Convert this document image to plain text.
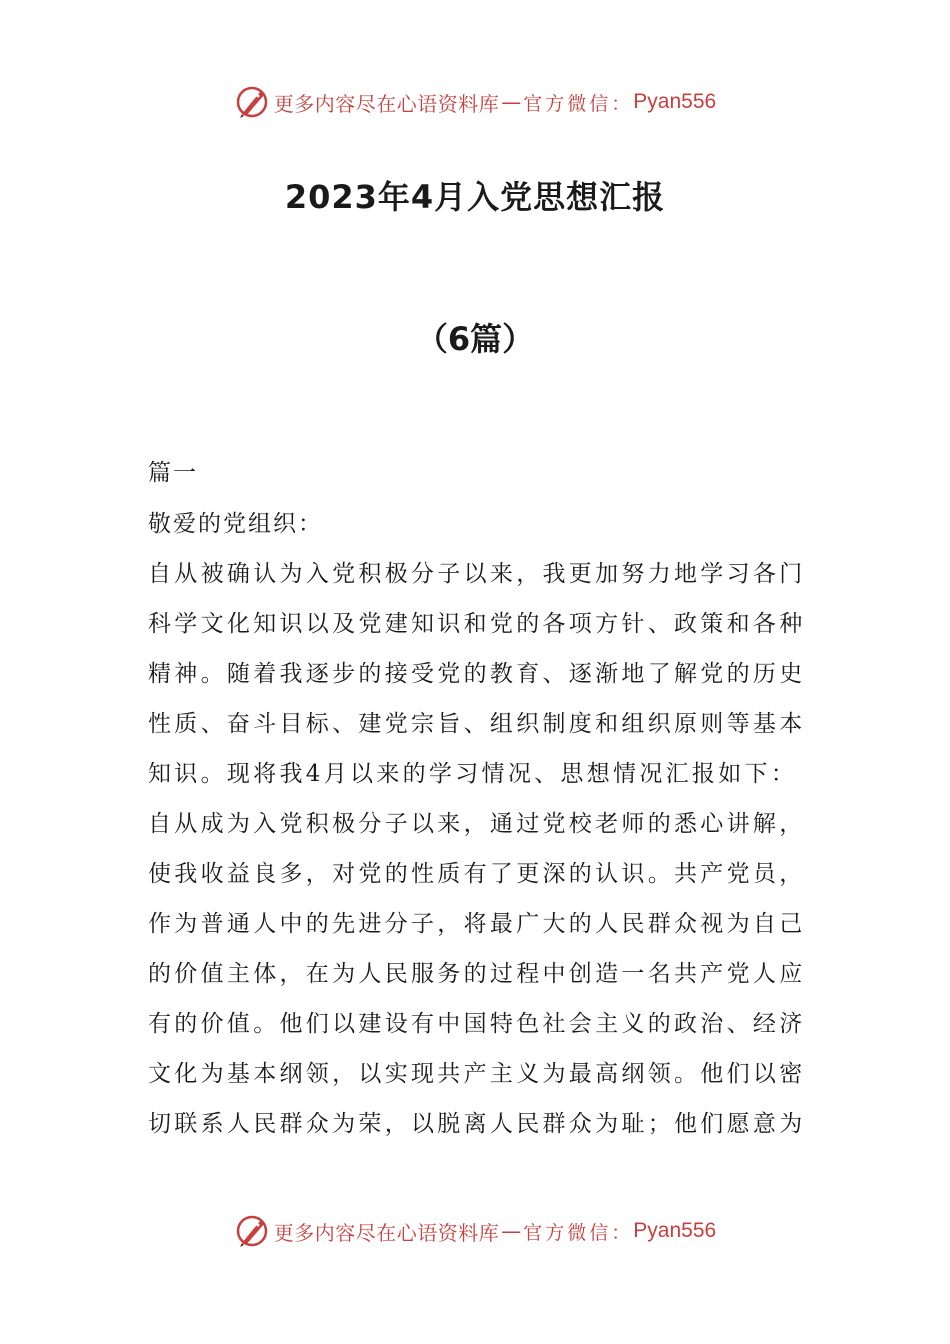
更多内容尽在心语资料库 — 官方微信： Pyan556
2023年4月入党思想汇报
（6篇）
篇一
敬爱的党组织：
自从被确认为入党积极分子以来，我更加努力地学习各门
科学文化知识以及党建知识和党的各项方针、政策和各种
精神。随着我逐步的接受党的教育、逐渐地了解党的历史
性质、奋斗目标、建党宗旨、组织制度和组织原则等基本
知识。现将我4月以来的学习情况、思想情况汇报如下：
自从成为入党积极分子以来，通过党校老师的悉心讲解，
使我收益良多，对党的性质有了更深的认识。共产党员，
作为普通人中的先进分子，将最广大的人民群众视为自己
的价值主体，在为人民服务的过程中创造一名共产党人应
有的价值。他们以建设有中国特色社会主义的政治、经济
文化为基本纲领，以实现共产主义为最高纲领。他们以密
切联系人民群众为荣，以脱离人民群众为耻；他们愿意为
更多内容尽在心语资料库 — 官方微信： Pyan556
